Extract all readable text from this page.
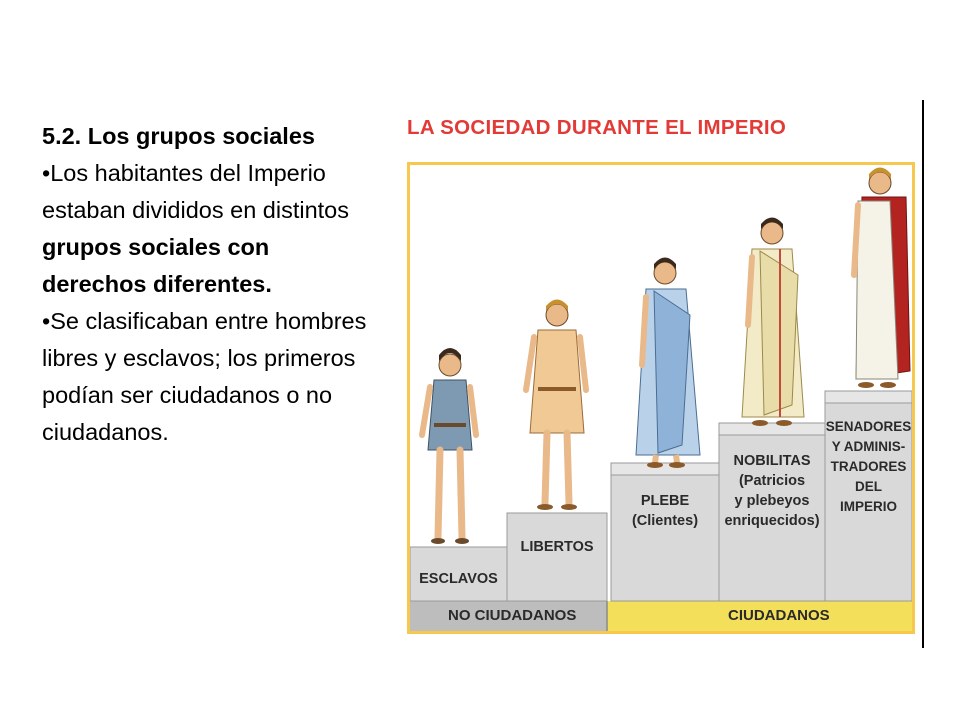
5.2. Los grupos sociales

•Los habitantes del Imperio estaban divididos en distintos grupos sociales con derechos diferentes.

•Se clasificaban entre hombres libres y esclavos; los primeros podían ser ciudadanos o no ciudadanos.

LA SOCIEDAD DURANTE EL IMPERIO
ESCLAVOS
LIBERTOS
PLEBE
(Clientes)
NOBILITAS
(Patricios
y plebeyos
enriquecidos)
SENADORES
Y ADMINIS-
TRADORES
DEL IMPERIO
NO CIUDADANOS	CIUDADANOS
